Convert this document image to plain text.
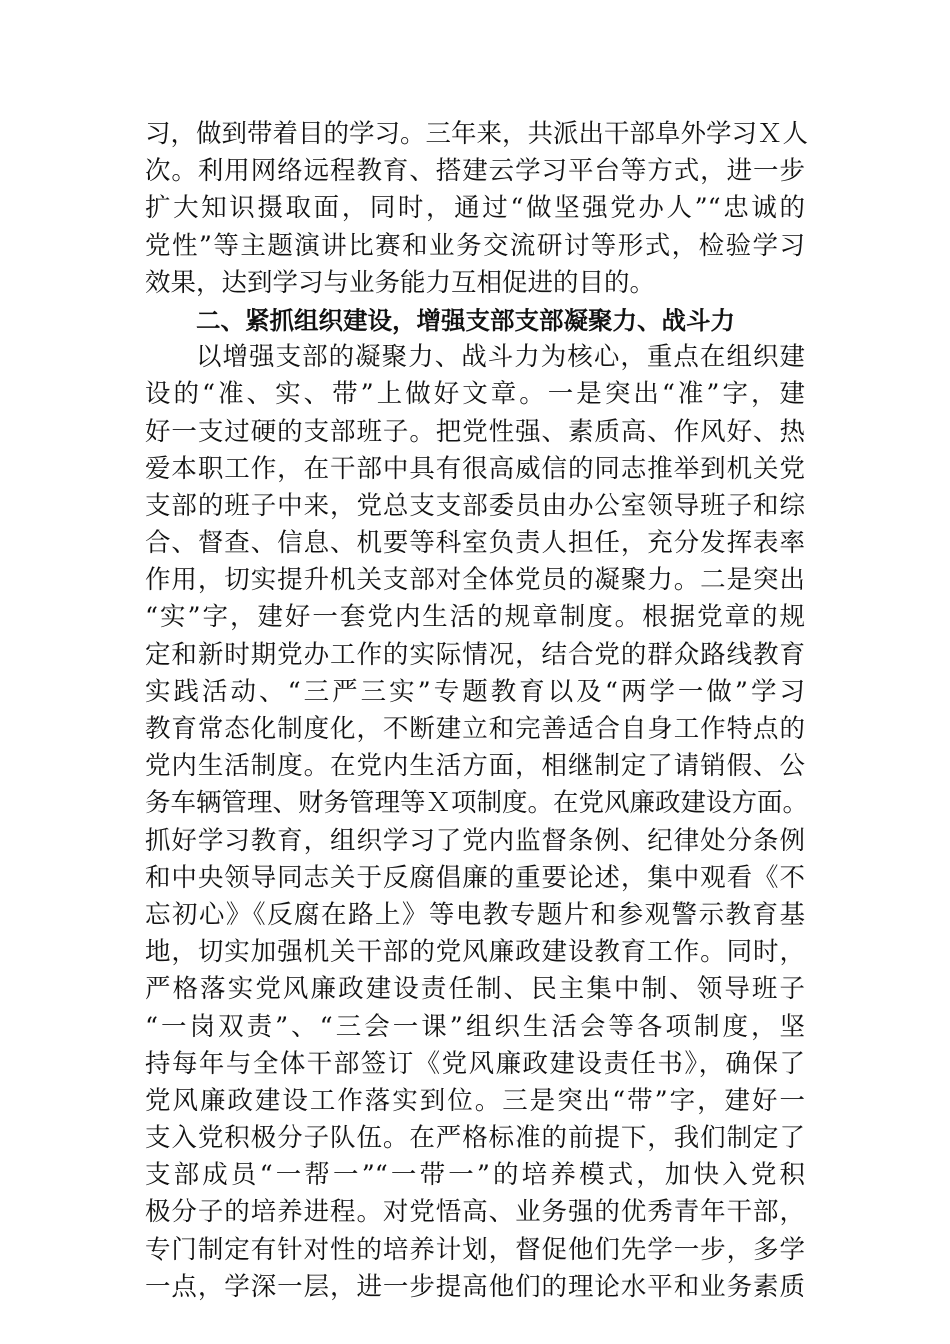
习，做到带着目的学习。三年来，共派出干部阜外学习Ｘ人
次。利用网络远程教育、搭建云学习平台等方式，进一步
扩大知识摄取面，同时，通过“做坚强党办人”“忠诚的
党性”等主题演讲比赛和业务交流研讨等形式，检验学习
效果，达到学习与业务能力互相促进的目的。
二、紧抓组织建设，增强支部支部凝聚力、战斗力
以增强支部的凝聚力、战斗力为核心，重点在组织建
设的“准、实、带”上做好文章。一是突出“准”字，建
好一支过硬的支部班子。把党性强、素质高、作风好、热
爱本职工作，在干部中具有很高威信的同志推举到机关党
支部的班子中来，党总支支部委员由办公室领导班子和综
合、督查、信息、机要等科室负责人担任，充分发挥表率
作用，切实提升机关支部对全体党员的凝聚力。二是突出
“实”字，建好一套党内生活的规章制度。根据党章的规
定和新时期党办工作的实际情况，结合党的群众路线教育
实践活动、“三严三实”专题教育以及“两学一做”学习
教育常态化制度化，不断建立和完善适合自身工作特点的
党内生活制度。在党内生活方面，相继制定了请销假、公
务车辆管理、财务管理等Ｘ项制度。在党风廉政建设方面。
抓好学习教育，组织学习了党内监督条例、纪律处分条例
和中央领导同志关于反腐倡廉的重要论述，集中观看《不
忘初心》《反腐在路上》等电教专题片和参观警示教育基
地，切实加强机关干部的党风廉政建设教育工作。同时，
严格落实党风廉政建设责任制、民主集中制、领导班子
“一岗双责”、“三会一课”组织生活会等各项制度，坚
持每年与全体干部签订《党风廉政建设责任书》，确保了
党风廉政建设工作落实到位。三是突出“带”字，建好一
支入党积极分子队伍。在严格标准的前提下，我们制定了
支部成员“一帮一”“一带一”的培养模式，加快入党积
极分子的培养进程。对党悟高、业务强的优秀青年干部，
专门制定有针对性的培养计划，督促他们先学一步，多学
一点，学深一层，进一步提高他们的理论水平和业务素质
